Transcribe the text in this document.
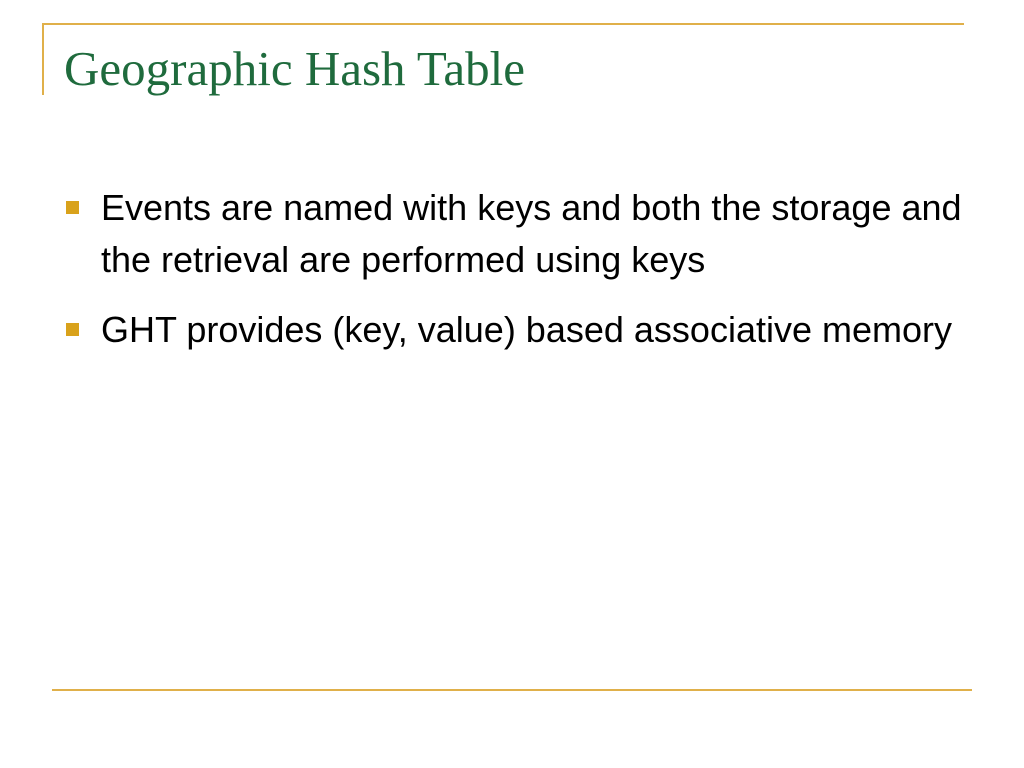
Geographic Hash Table
Events are named with keys and both the storage and the retrieval are performed using keys
GHT provides (key, value) based associative memory
